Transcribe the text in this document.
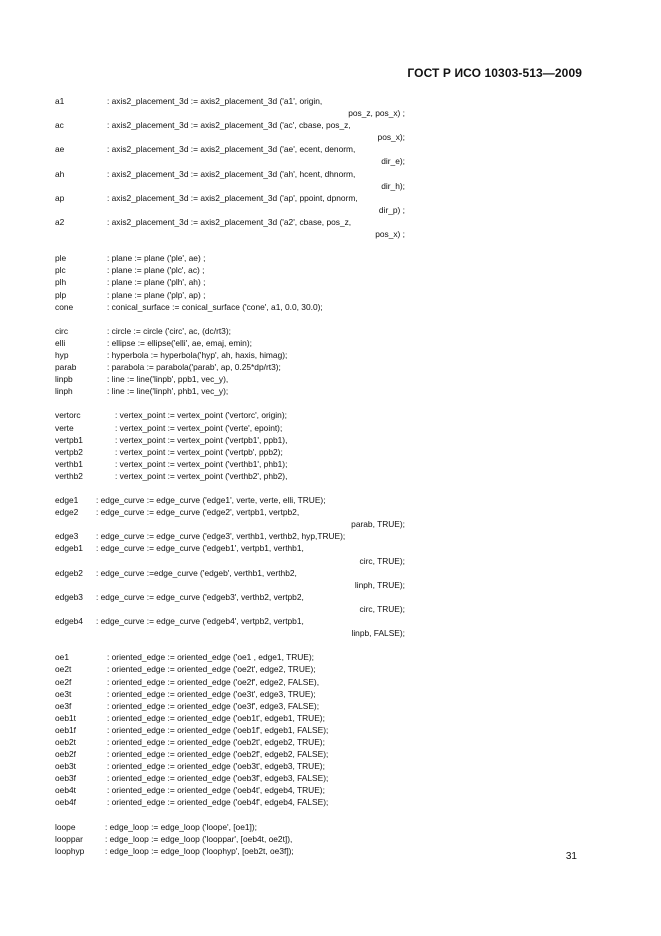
ГОСТ Р ИСО 10303-513—2009
a1	: axis2_placement_3d := axis2_placement_3d ('a1', origin,
pos_z, pos_x) ;
ac	: axis2_placement_3d := axis2_placement_3d ('ac', cbase, pos_z,
pos_x);
ae	: axis2_placement_3d := axis2_placement_3d ('ae', ecent, denorm,
dir_e);
ah	: axis2_placement_3d := axis2_placement_3d ('ah', hcent, dhnorm,
dir_h);
ap	: axis2_placement_3d := axis2_placement_3d ('ap', ppoint, dpnorm,
dir_p) ;
a2	: axis2_placement_3d := axis2_placement_3d ('a2', cbase, pos_z,
pos_x) ;
ple	: plane := plane ('ple', ae) ;
plc	: plane := plane ('plc', ac) ;
plh	: plane := plane ('plh', ah) ;
plp	: plane := plane ('plp', ap) ;
cone	: conical_surface := conical_surface ('cone', a1, 0.0, 30.0);
circ	: circle := circle ('circ', ac, (dc/rt3);
elli	: ellipse := ellipse('elli', ae, emaj, emin);
hyp	: hyperbola := hyperbola('hyp', ah, haxis, himag);
parab	: parabola := parabola('parab', ap, 0.25*dp/rt3);
linpb	: line := line('linpb', ppb1, vec_y),
linph	: line := line('linph', phb1, vec_y);
vertorc	: vertex_point := vertex_point ('vertorc', origin);
verte	: vertex_point := vertex_point ('verte', epoint);
vertpb1	: vertex_point := vertex_point ('vertpb1', ppb1),
vertpb2	: vertex_point := vertex_point ('vertpb', ppb2);
verthb1	: vertex_point := vertex_point ('verthb1', phb1);
verthb2	: vertex_point := vertex_point ('verthb2', phb2),
edge1 : edge_curve := edge_curve ('edge1', verte, verte, elli, TRUE);
edge2 : edge_curve := edge_curve ('edge2', vertpb1, vertpb2,
parab, TRUE);
edge3 : edge_curve := edge_curve ('edge3', verthb1, verthb2, hyp,TRUE);
edgeb1 : edge_curve := edge_curve ('edgeb1', vertpb1, verthb1,
circ, TRUE);
edgeb2 : edge_curve :=edge_curve ('edgeb', verthb1, verthb2,
linph, TRUE);
edgeb3 : edge_curve := edge_curve ('edgeb3', verthb2, vertpb2,
circ, TRUE);
edgeb4 : edge_curve := edge_curve ('edgeb4', vertpb2, vertpb1,
linpb, FALSE);
oe1	: oriented_edge := oriented_edge ('oe1 , edge1, TRUE);
oe2t	: oriented_edge := oriented_edge ('oe2t', edge2, TRUE);
oe2f	: oriented_edge := oriented_edge ('oe2f', edge2, FALSE),
oe3t	: oriented_edge := oriented_edge ('oe3t', edge3, TRUE);
oe3f	: oriented_edge := oriented_edge ('oe3f', edge3, FALSE);
oeb1t	: oriented_edge := oriented_edge ('oeb1t', edgeb1, TRUE);
oeb1f	: oriented_edge := oriented_edge ('oeb1f', edgeb1, FALSE);
oeb2t	: oriented_edge := oriented_edge ('oeb2t', edgeb2, TRUE);
oeb2f	: oriented_edge := oriented_edge ('oeb2f', edgeb2, FALSE);
oeb3t	: oriented_edge := oriented_edge ('oeb3t', edgeb3, TRUE);
oeb3f	: oriented_edge := oriented_edge ('oeb3f', edgeb3, FALSE);
oeb4t	: oriented_edge := oriented_edge ('oeb4t', edgeb4, TRUE);
oeb4f	: oriented_edge := oriented_edge ('oeb4f', edgeb4, FALSE);
loope	: edge_loop := edge_loop ('loope', [oe1]);
looppar	: edge_loop := edge_loop ('looppar', [oeb4t, oe2t]),
loophyp : edge_loop := edge_loop ('loophyp', [oeb2t, oe3f]);
31
